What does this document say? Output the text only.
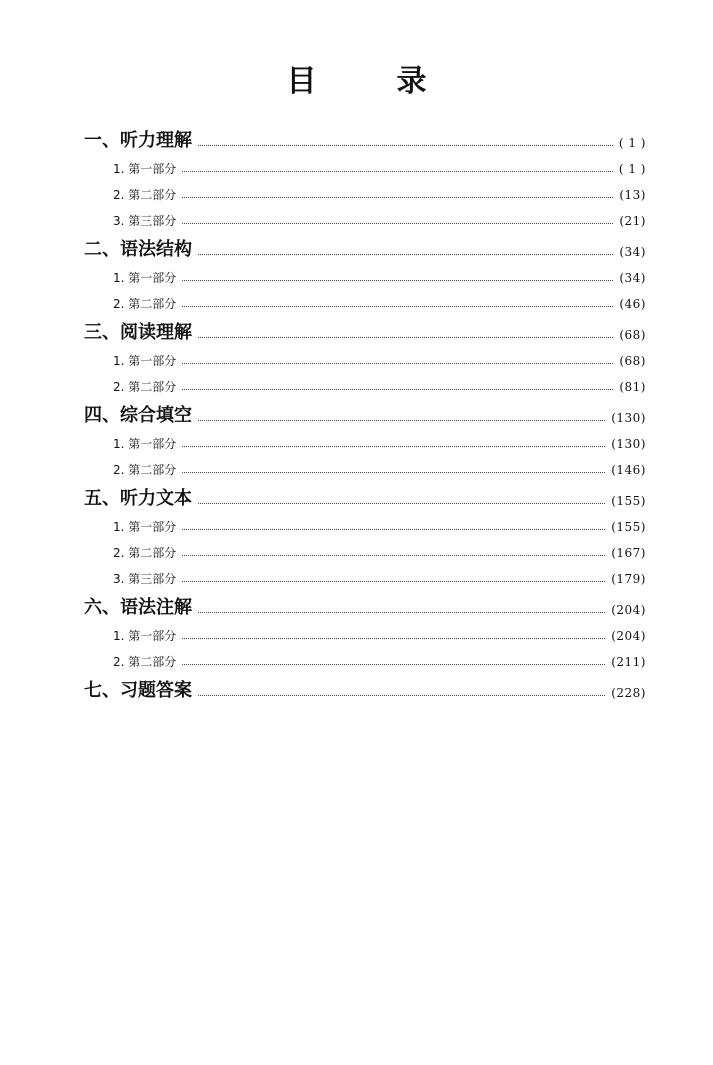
目	录
一、听力理解	( 1 )
1. 第一部分	( 1 )
2. 第二部分	(13)
3. 第三部分	(21)
二、语法结构	(34)
1. 第一部分	(34)
2. 第二部分	(46)
三、阅读理解	(68)
1. 第一部分	(68)
2. 第二部分	(81)
四、综合填空	(130)
1. 第一部分	(130)
2. 第二部分	(146)
五、听力文本	(155)
1. 第一部分	(155)
2. 第二部分	(167)
3. 第三部分	(179)
六、语法注解	(204)
1. 第一部分	(204)
2. 第二部分	(211)
七、习题答案	(228)
